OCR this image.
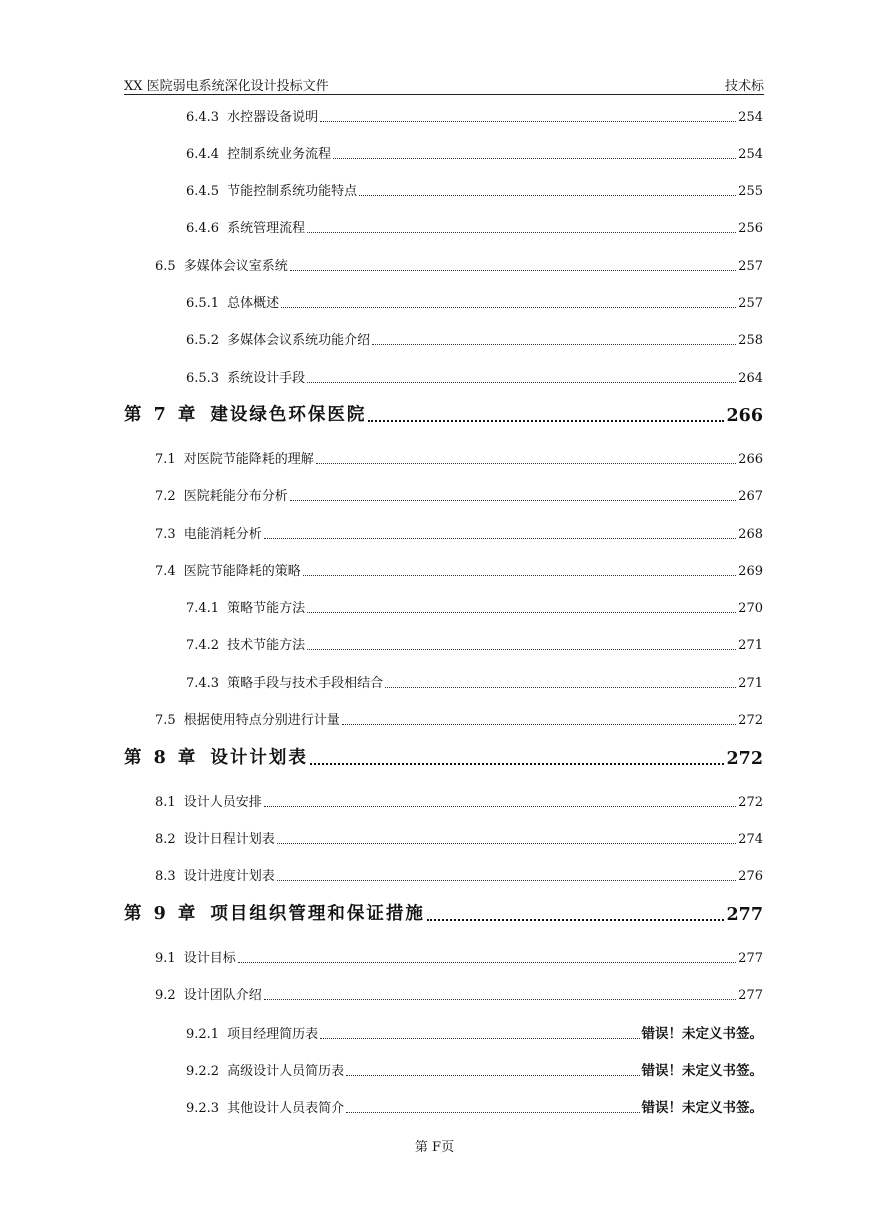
XX 医院弱电系统深化设计投标文件	技术标
6.4.3 水控器设备说明	254
6.4.4 控制系统业务流程	254
6.4.5 节能控制系统功能特点	255
6.4.6 系统管理流程	256
6.5 多媒体会议室系统	257
6.5.1 总体概述	257
6.5.2 多媒体会议系统功能介绍	258
6.5.3 系统设计手段	264
第 7 章 建设绿色环保医院	266
7.1 对医院节能降耗的理解	266
7.2 医院耗能分布分析	267
7.3 电能消耗分析	268
7.4 医院节能降耗的策略	269
7.4.1 策略节能方法	270
7.4.2 技术节能方法	271
7.4.3 策略手段与技术手段相结合	271
7.5 根据使用特点分别进行计量	272
第 8 章 设计计划表	272
8.1 设计人员安排	272
8.2 设计日程计划表	274
8.3 设计进度计划表	276
第 9 章 项目组织管理和保证措施	277
9.1 设计目标	277
9.2 设计团队介绍	277
9.2.1 项目经理简历表	错误！未定义书签。
9.2.2 高级设计人员简历表	错误！未定义书签。
9.2.3 其他设计人员表简介	错误！未定义书签。
第 F页
